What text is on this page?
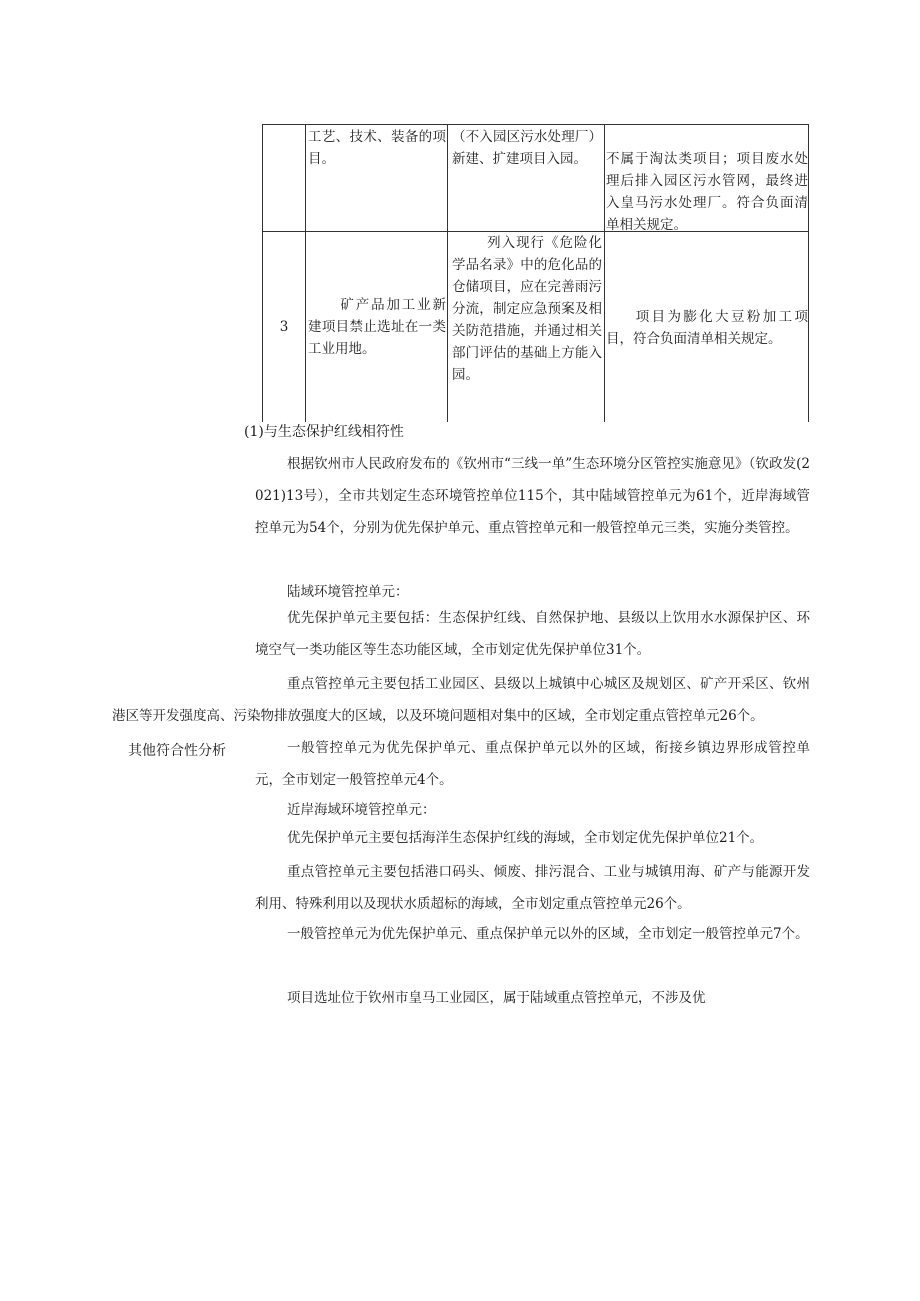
工艺、技术、装备的项目。
（不入园区污水处理厂）新建、扩建项目入园。	不属于淘汰类项目；项目废水处理后排入园区污水管网，最终进入皇马污水处理厂。符合负面清单相关规定。
3
矿产品加工业新建项目禁止选址在一类工业用地。
列入现行《危险化学品名录》中的危化品的仓储项目，应在完善雨污分流，制定应急预案及相关防范措施，并通过相关部门评估的基础上方能入园。
项目为膨化大豆粉加工项目，符合负面清单相关规定。
(1)与生态保护红线相符性
其他符合性分析
根据钦州市人民政府发布的《钦州市“三线一单”生态环境分区管控实施意见》（钦政发(2021)13号），全市共划定生态环境管控单位115个，其中陆域管控单元为61个，近岸海域管控单元为54个，分别为优先保护单元、重点管控单元和一般管控单元三类，实施分类管控。
陆域环境管控单元：
优先保护单元主要包括：生态保护红线、自然保护地、县级以上饮用水水源保护区、环境空气一类功能区等生态功能区域，全市划定优先保护单位31个。
重点管控单元主要包括工业园区、县级以上城镇中心城区及规划区、矿产开采区、钦州港区等开发强度高、污染物排放强度大的区域，以及环境问题相对集中的区域，全市划定重点管控单元26个。
一般管控单元为优先保护单元、重点保护单元以外的区域，衔接乡镇边界形成管控单元，全市划定一般管控单元4个。
近岸海域环境管控单元：
优先保护单元主要包括海洋生态保护红线的海域，全市划定优先保护单位21个。
重点管控单元主要包括港口码头、倾废、排污混合、工业与城镇用海、矿产与能源开发利用、特殊利用以及现状水质超标的海域，全市划定重点管控单元26个。
一般管控单元为优先保护单元、重点保护单元以外的区域，全市划定一般管控单元7个。
项目选址位于钦州市皇马工业园区，属于陆域重点管控单元，不涉及优
